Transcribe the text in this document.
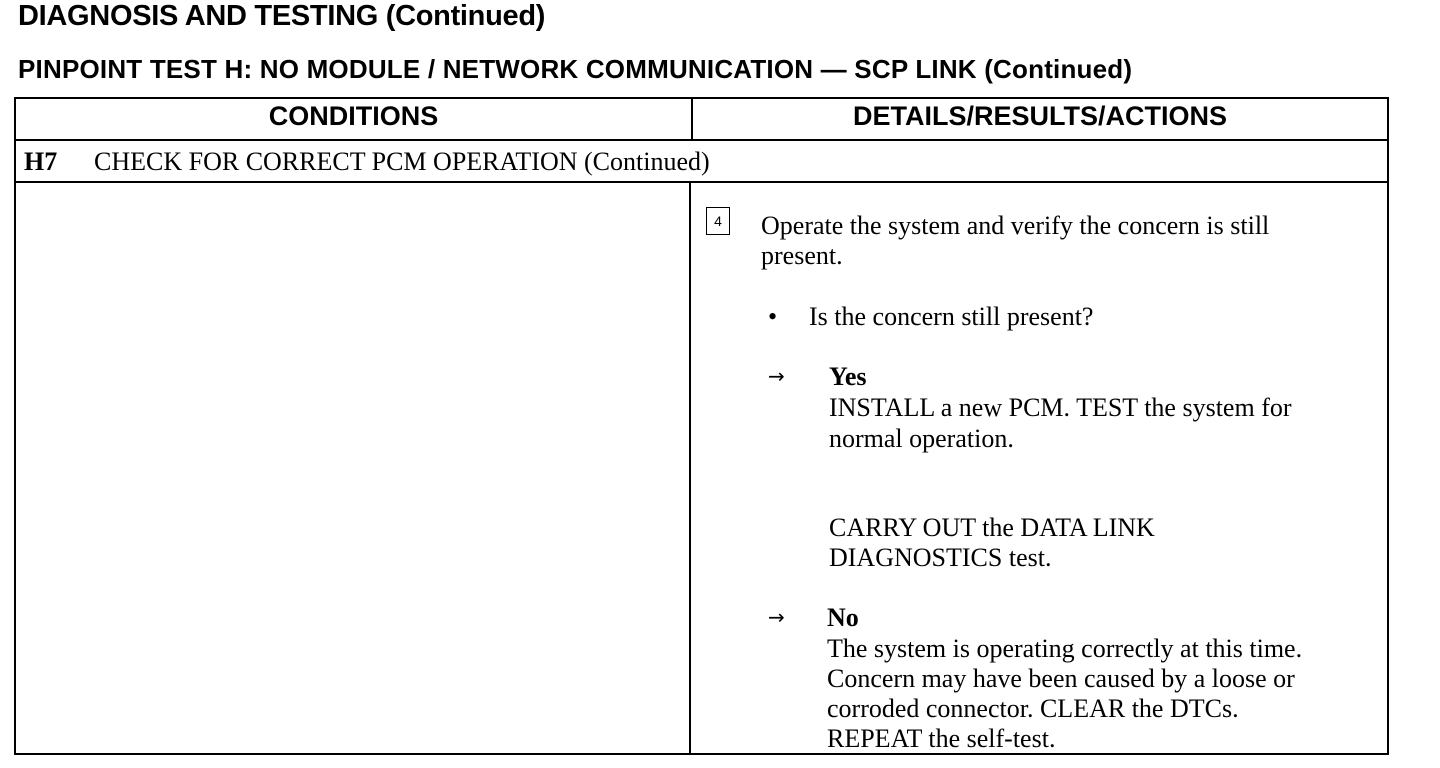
DIAGNOSIS AND TESTING (Continued)
PINPOINT TEST H: NO MODULE / NETWORK COMMUNICATION — SCP LINK (Continued)
CONDITIONS	DETAILS/RESULTS/ACTIONS
H7 CHECK FOR CORRECT PCM OPERATION (Continued)
4	Operate the system and verify the concern is still
present.
• Is the concern still present?
→ Yes
INSTALL a new PCM. TEST the system for
normal operation.
CARRY OUT the DATA LINK
DIAGNOSTICS test.
→ No
The system is operating correctly at this time.
Concern may have been caused by a loose or
corroded connector. CLEAR the DTCs.
REPEAT the self-test.
